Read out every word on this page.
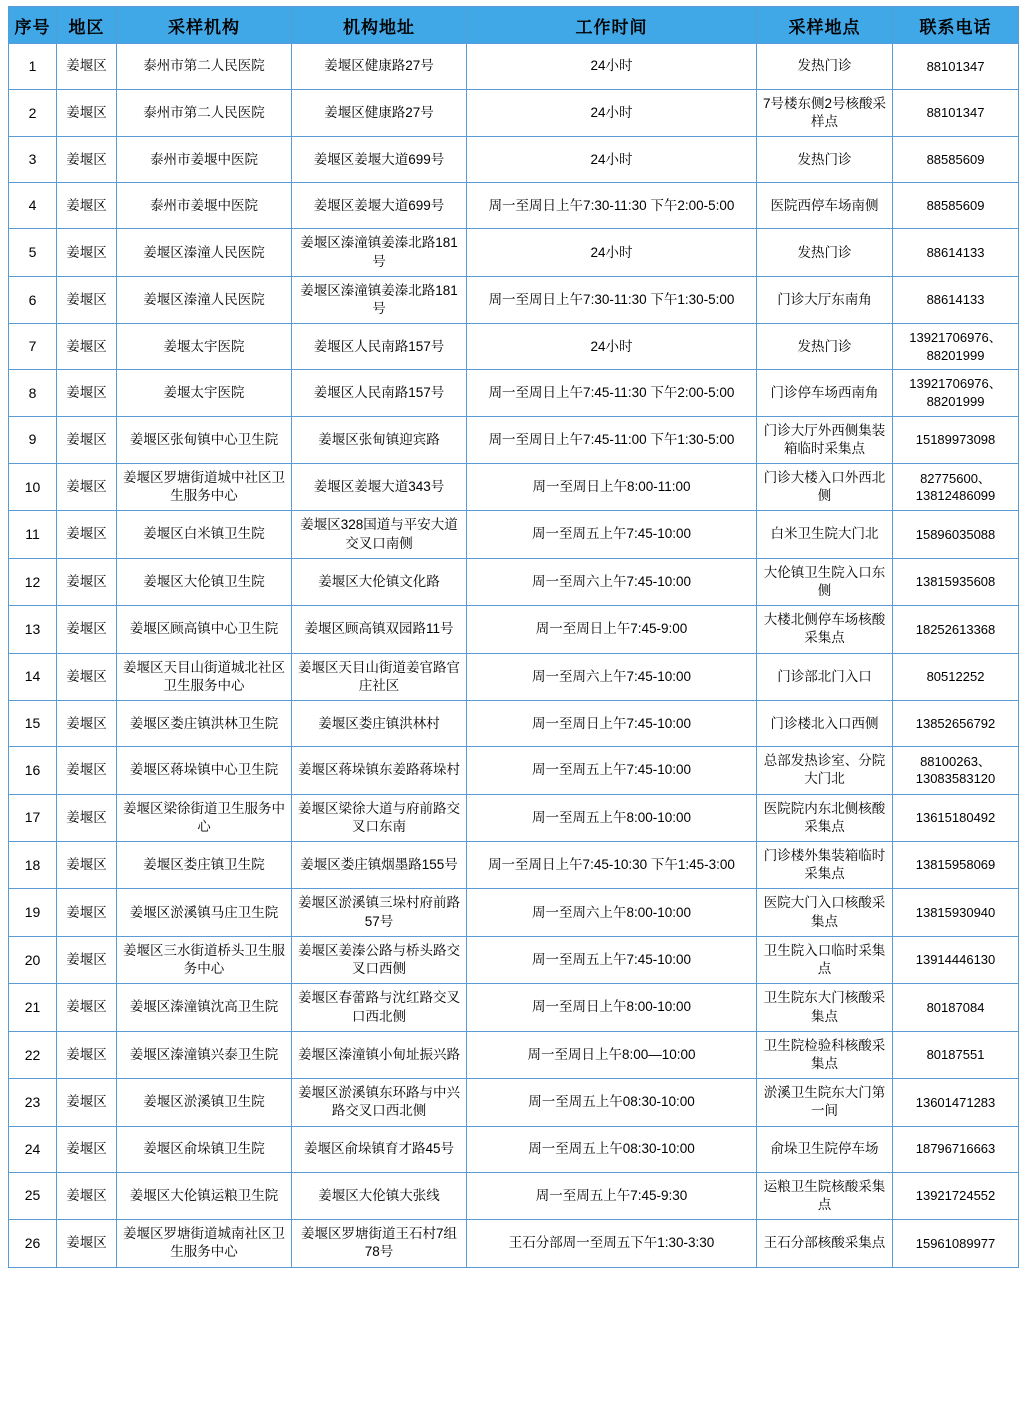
序号	地区	采样机构	机构地址	工作时间	采样地点	联系电话
1	姜堰区	泰州市第二人民医院	姜堰区健康路27号	24小时	发热门诊	88101347
2	姜堰区	泰州市第二人民医院	姜堰区健康路27号	24小时	7号楼东侧2号核酸采样点	88101347
3	姜堰区	泰州市姜堰中医院	姜堰区姜堰大道699号	24小时	发热门诊	88585609
4	姜堰区	泰州市姜堰中医院	姜堰区姜堰大道699号	周一至周日上午7:30-11:30 下午2:00-5:00	医院西停车场南侧	88585609
5	姜堰区	姜堰区溱潼人民医院	姜堰区溱潼镇姜溱北路181号	24小时	发热门诊	88614133
6	姜堰区	姜堰区溱潼人民医院	姜堰区溱潼镇姜溱北路181号	周一至周日上午7:30-11:30 下午1:30-5:00	门诊大厅东南角	88614133
7	姜堰区	姜堰太宇医院	姜堰区人民南路157号	24小时	发热门诊	13921706976、88201999
8	姜堰区	姜堰太宇医院	姜堰区人民南路157号	周一至周日上午7:45-11:30 下午2:00-5:00	门诊停车场西南角	13921706976、88201999
9	姜堰区	姜堰区张甸镇中心卫生院	姜堰区张甸镇迎宾路	周一至周日上午7:45-11:00 下午1:30-5:00	门诊大厅外西侧集装箱临时采集点	15189973098
10	姜堰区	姜堰区罗塘街道城中社区卫生服务中心	姜堰区姜堰大道343号	周一至周日上午8:00-11:00	门诊大楼入口外西北侧	82775600、13812486099
11	姜堰区	姜堰区白米镇卫生院	姜堰区328国道与平安大道交叉口南侧	周一至周五上午7:45-10:00	白米卫生院大门北	15896035088
12	姜堰区	姜堰区大伦镇卫生院	姜堰区大伦镇文化路	周一至周六上午7:45-10:00	大伦镇卫生院入口东侧	13815935608
13	姜堰区	姜堰区顾高镇中心卫生院	姜堰区顾高镇双园路11号	周一至周日上午7:45-9:00	大楼北侧停车场核酸采集点	18252613368
14	姜堰区	姜堰区天目山街道城北社区卫生服务中心	姜堰区天目山街道姜官路官庄社区	周一至周六上午7:45-10:00	门诊部北门入口	80512252
15	姜堰区	姜堰区娄庄镇洪林卫生院	姜堰区娄庄镇洪林村	周一至周日上午7:45-10:00	门诊楼北入口西侧	13852656792
16	姜堰区	姜堰区蒋垛镇中心卫生院	姜堰区蒋垛镇东姜路蒋垛村	周一至周五上午7:45-10:00	总部发热诊室、分院大门北	88100263、13083583120
17	姜堰区	姜堰区梁徐街道卫生服务中心	姜堰区梁徐大道与府前路交叉口东南	周一至周五上午8:00-10:00	医院院内东北侧核酸采集点	13615180492
18	姜堰区	姜堰区娄庄镇卫生院	姜堰区娄庄镇烟墨路155号	周一至周日上午7:45-10:30 下午1:45-3:00	门诊楼外集装箱临时采集点	13815958069
19	姜堰区	姜堰区淤溪镇马庄卫生院	姜堰区淤溪镇三垛村府前路57号	周一至周六上午8:00-10:00	医院大门入口核酸采集点	13815930940
20	姜堰区	姜堰区三水街道桥头卫生服务中心	姜堰区姜溱公路与桥头路交叉口西侧	周一至周五上午7:45-10:00	卫生院入口临时采集点	13914446130
21	姜堰区	姜堰区溱潼镇沈高卫生院	姜堰区春蕾路与沈红路交叉口西北侧	周一至周日上午8:00-10:00	卫生院东大门核酸采集点	80187084
22	姜堰区	姜堰区溱潼镇兴泰卫生院	姜堰区溱潼镇小甸址振兴路	周一至周日上午8:00—10:00	卫生院检验科核酸采集点	80187551
23	姜堰区	姜堰区淤溪镇卫生院	姜堰区淤溪镇东环路与中兴路交叉口西北侧	周一至周五上午08:30-10:00	淤溪卫生院东大门第一间	13601471283
24	姜堰区	姜堰区俞垛镇卫生院	姜堰区俞垛镇育才路45号	周一至周五上午08:30-10:00	俞垛卫生院停车场	18796716663
25	姜堰区	姜堰区大伦镇运粮卫生院	姜堰区大伦镇大张线	周一至周五上午7:45-9:30	运粮卫生院核酸采集点	13921724552
26	姜堰区	姜堰区罗塘街道城南社区卫生服务中心	姜堰区罗塘街道王石村7组78号	王石分部周一至周五下午1:30-3:30	王石分部核酸采集点	15961089977
